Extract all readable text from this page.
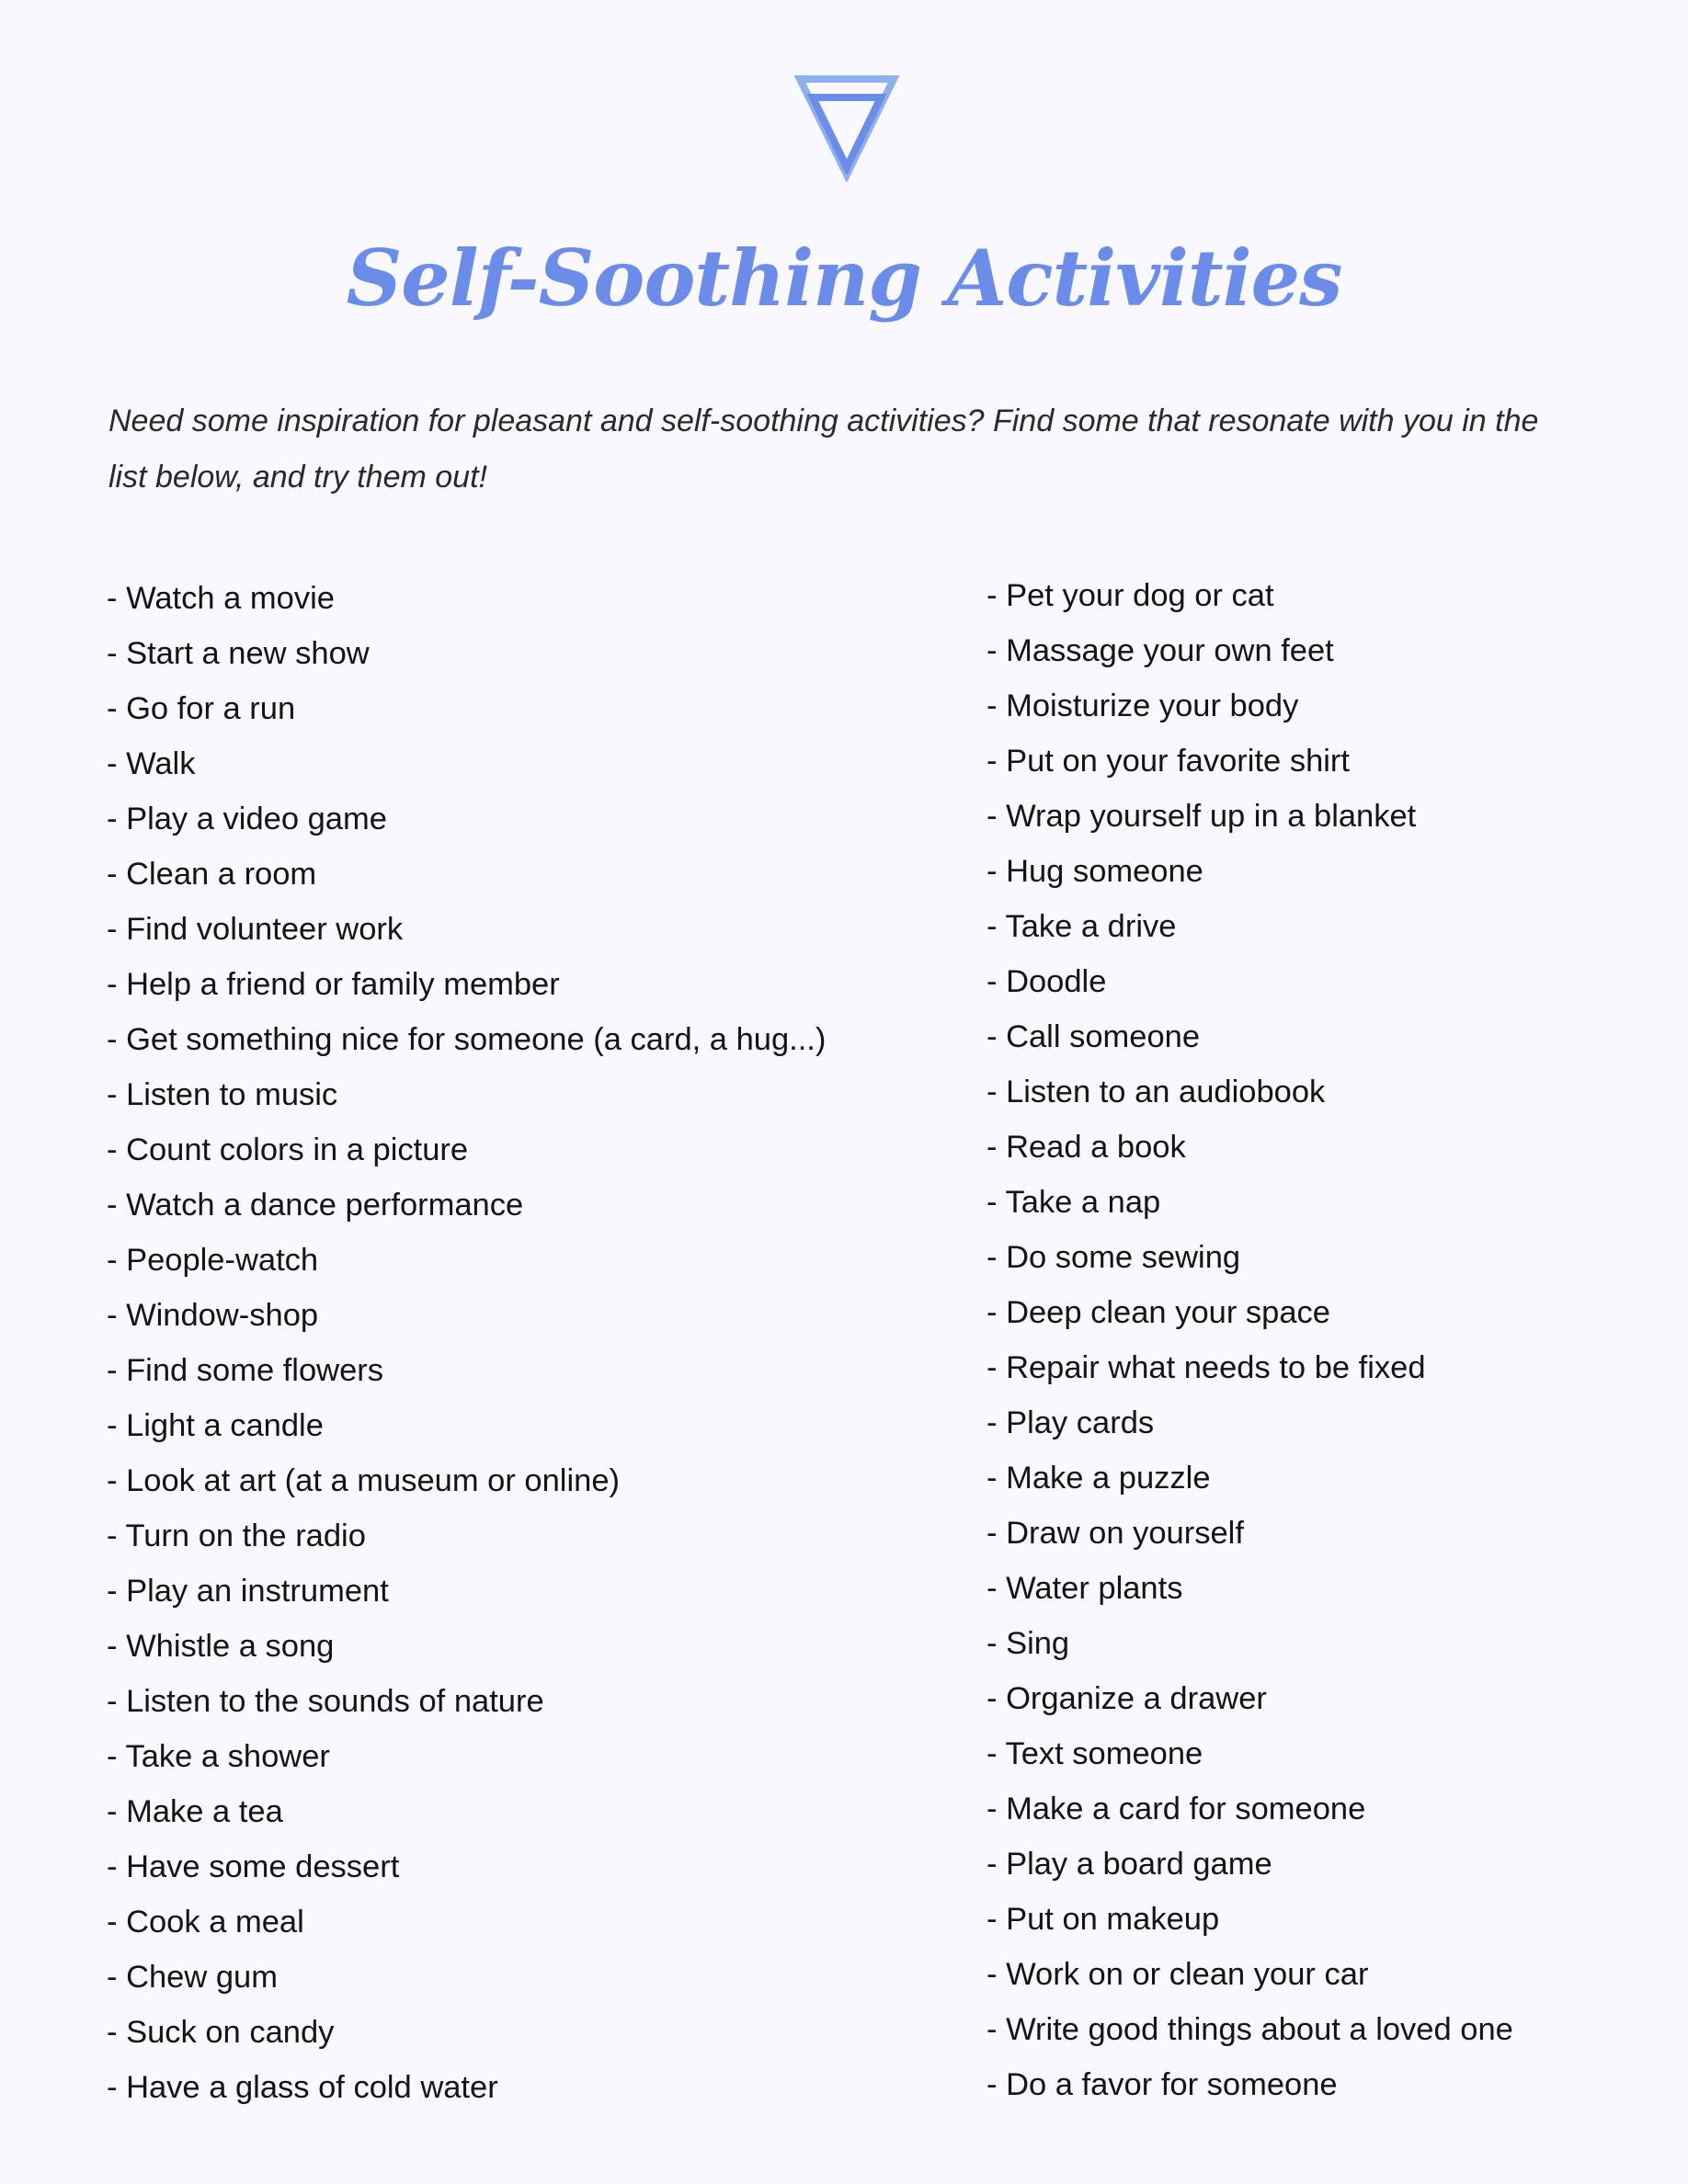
Self-Soothing Activities

Need some inspiration for pleasant and self-soothing activities? Find some that resonate with you in the list below, and try them out!

- Watch a movie
- Start a new show
- Go for a run
- Walk
- Play a video game
- Clean a room
- Find volunteer work
- Help a friend or family member
- Get something nice for someone (a card, a hug...)
- Listen to music
- Count colors in a picture
- Watch a dance performance
- People-watch
- Window-shop
- Find some flowers
- Light a candle
- Look at art (at a museum or online)
- Turn on the radio
- Play an instrument
- Whistle a song
- Listen to the sounds of nature
- Take a shower
- Make a tea
- Have some dessert
- Cook a meal
- Chew gum
- Suck on candy
- Have a glass of cold water
- Pet your dog or cat
- Massage your own feet
- Moisturize your body
- Put on your favorite shirt
- Wrap yourself up in a blanket
- Hug someone
- Take a drive
- Doodle
- Call someone
- Listen to an audiobook
- Read a book
- Take a nap
- Do some sewing
- Deep clean your space
- Repair what needs to be fixed
- Play cards
- Make a puzzle
- Draw on yourself
- Water plants
- Sing
- Organize a drawer
- Text someone
- Make a card for someone
- Play a board game
- Put on makeup
- Work on or clean your car
- Write good things about a loved one
- Do a favor for someone
